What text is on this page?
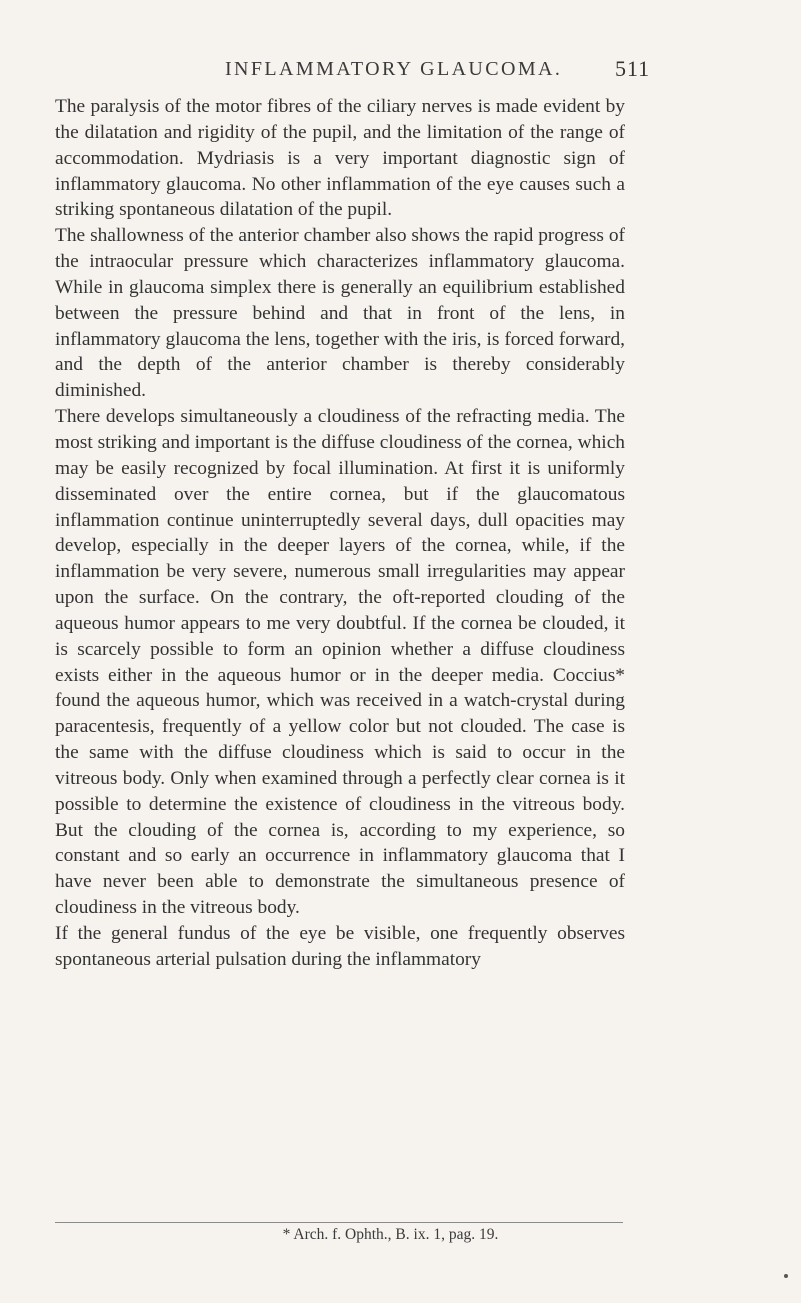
INFLAMMATORY GLAUCOMA. 511

The paralysis of the motor fibres of the ciliary nerves is made evident by the dilatation and rigidity of the pupil, and the limitation of the range of accommodation. Mydriasis is a very important diagnostic sign of inflammatory glaucoma. No other inflammation of the eye causes such a striking spontaneous dilatation of the pupil.

The shallowness of the anterior chamber also shows the rapid progress of the intraocular pressure which characterizes inflammatory glaucoma. While in glaucoma simplex there is generally an equilibrium established between the pressure behind and that in front of the lens, in inflammatory glaucoma the lens, together with the iris, is forced forward, and the depth of the anterior chamber is thereby considerably diminished.

There develops simultaneously a cloudiness of the refracting media. The most striking and important is the diffuse cloudiness of the cornea, which may be easily recognized by focal illumination. At first it is uniformly disseminated over the entire cornea, but if the glaucomatous inflammation continue uninterruptedly several days, dull opacities may develop, especially in the deeper layers of the cornea, while, if the inflammation be very severe, numerous small irregularities may appear upon the surface. On the contrary, the oft-reported clouding of the aqueous humor appears to me very doubtful. If the cornea be clouded, it is scarcely possible to form an opinion whether a diffuse cloudiness exists either in the aqueous humor or in the deeper media. Coccius* found the aqueous humor, which was received in a watch-crystal during paracentesis, frequently of a yellow color but not clouded. The case is the same with the diffuse cloudiness which is said to occur in the vitreous body. Only when examined through a perfectly clear cornea is it possible to determine the existence of cloudiness in the vitreous body. But the clouding of the cornea is, according to my experience, so constant and so early an occurrence in inflammatory glaucoma that I have never been able to demonstrate the simultaneous presence of cloudiness in the vitreous body.

If the general fundus of the eye be visible, one frequently observes spontaneous arterial pulsation during the inflammatory

* Arch. f. Ophth., B. ix. 1, pag. 19.
